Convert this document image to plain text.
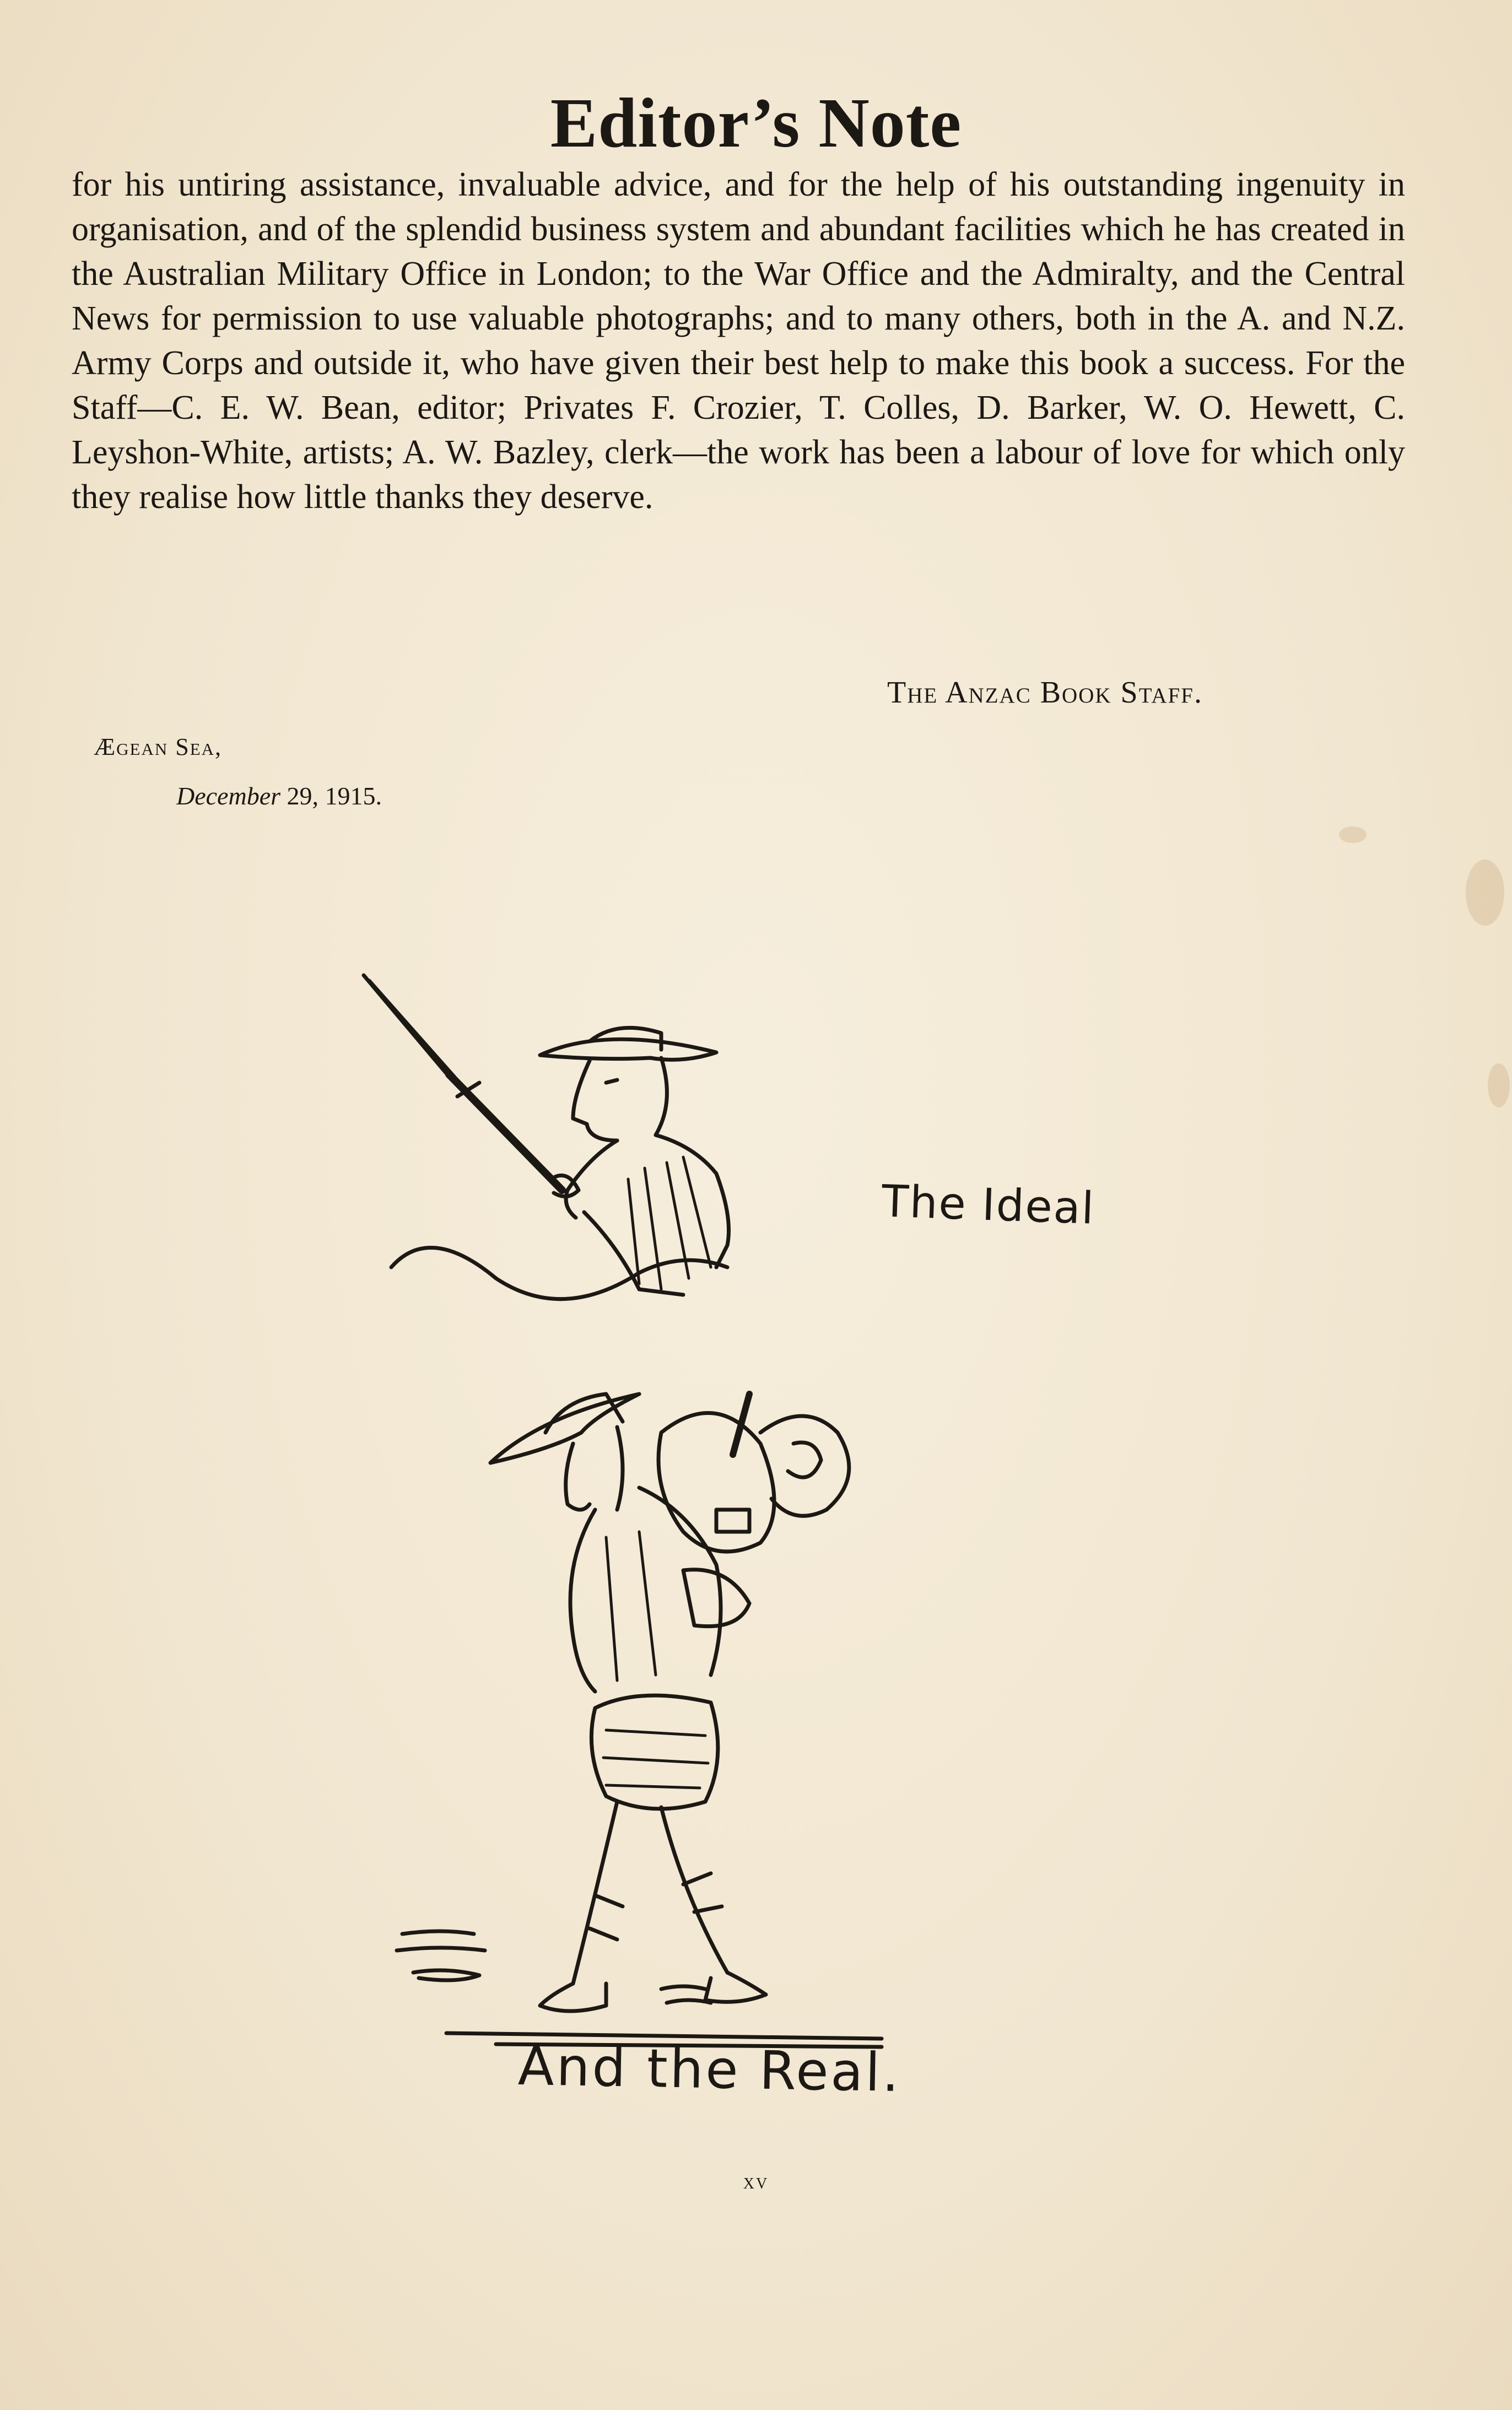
Editor’s Note

for his untiring assistance, invaluable advice, and for the help of his outstanding ingenuity in organisation, and of the splendid business system and abundant facilities which he has created in the Australian Military Office in London; to the War Office and the Admiralty, and the Central News for permission to use valuable photographs; and to many others, both in the A. and N.Z. Army Corps and outside it, who have given their best help to make this book a success. For the Staff—C. E. W. Bean, editor; Privates F. Crozier, T. Colles, D. Barker, W. O. Hewett, C. Leyshon-White, artists; A. W. Bazley, clerk—the work has been a labour of love for which only they realise how little thanks they deserve.

The Anzac Book Staff.
Ægean Sea,
December 29, 1915.
The Ideal
And the Real.
xv
